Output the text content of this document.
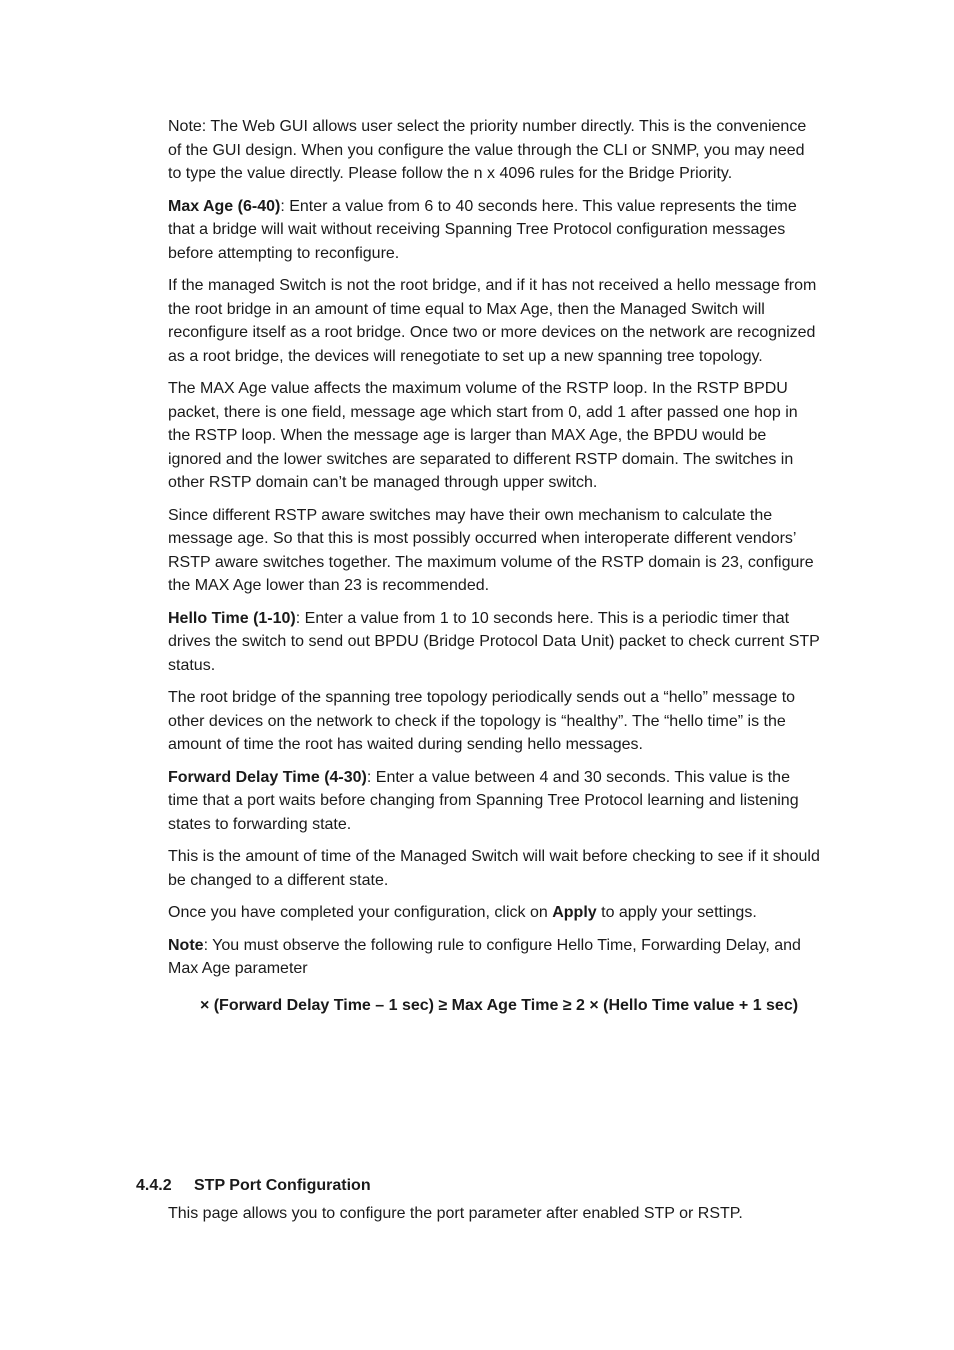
Note: The Web GUI allows user select the priority number directly. This is the convenience of the GUI design. When you configure the value through the CLI or SNMP, you may need to type the value directly. Please follow the n x 4096 rules for the Bridge Priority.

Max Age (6-40): Enter a value from 6 to 40 seconds here. This value represents the time that a bridge will wait without receiving Spanning Tree Protocol configuration messages before attempting to reconfigure.

If the managed Switch is not the root bridge, and if it has not received a hello message from the root bridge in an amount of time equal to Max Age, then the Managed Switch will reconfigure itself as a root bridge. Once two or more devices on the network are recognized as a root bridge, the devices will renegotiate to set up a new spanning tree topology.

The MAX Age value affects the maximum volume of the RSTP loop. In the RSTP BPDU packet, there is one field, message age which start from 0, add 1 after passed one hop in the RSTP loop. When the message age is larger than MAX Age, the BPDU would be ignored and the lower switches are separated to different RSTP domain. The switches in other RSTP domain can’t be managed through upper switch.

Since different RSTP aware switches may have their own mechanism to calculate the message age. So that this is most possibly occurred when interoperate different vendors’ RSTP aware switches together. The maximum volume of the RSTP domain is 23, configure the MAX Age lower than 23 is recommended.

Hello Time (1-10): Enter a value from 1 to 10 seconds here. This is a periodic timer that drives the switch to send out BPDU (Bridge Protocol Data Unit) packet to check current STP status.

The root bridge of the spanning tree topology periodically sends out a “hello” message to other devices on the network to check if the topology is “healthy”. The “hello time” is the amount of time the root has waited during sending hello messages.

Forward Delay Time (4-30): Enter a value between 4 and 30 seconds. This value is the time that a port waits before changing from Spanning Tree Protocol learning and listening states to forwarding state.

This is the amount of time of the Managed Switch will wait before checking to see if it should be changed to a different state.

Once you have completed your configuration, click on Apply to apply your settings.

Note: You must observe the following rule to configure Hello Time, Forwarding Delay, and Max Age parameter

× (Forward Delay Time – 1 sec) ≥ Max Age Time ≥ 2 × (Hello Time value + 1 sec)
4.4.2 STP Port Configuration

This page allows you to configure the port parameter after enabled STP or RSTP.
